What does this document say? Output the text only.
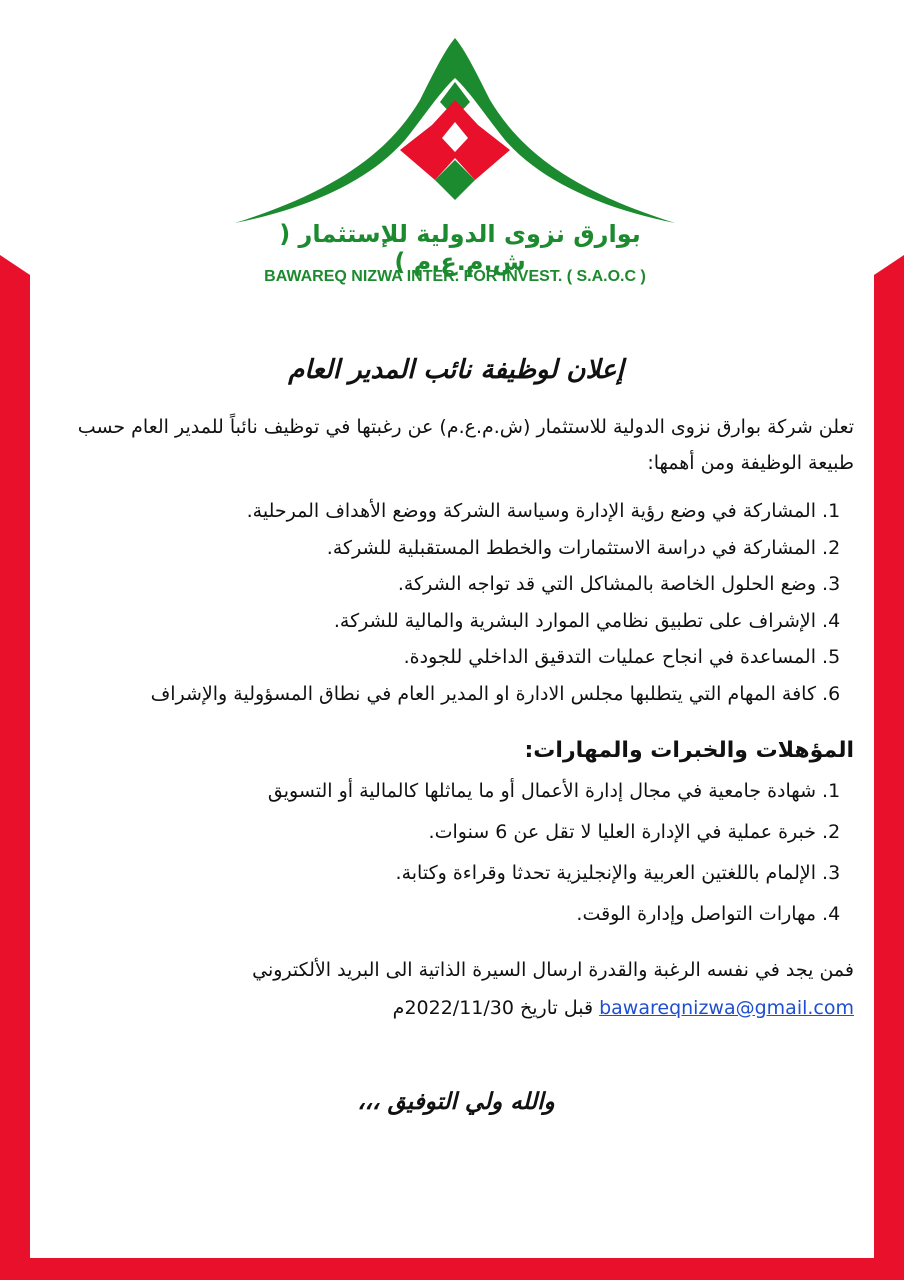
بوارق نزوى الدولية للإستثمار ( ش.م.ع.م )
BAWAREQ NIZWA INTER. FOR INVEST. ( S.A.O.C )
إعلان لوظيفة نائب المدير العام
تعلن شركة بوارق نزوى الدولية للاستثمار (ش.م.ع.م) عن رغبتها في توظيف نائباً للمدير العام حسب طبيعة الوظيفة ومن أهمها:
1. المشاركة في وضع رؤية الإدارة وسياسة الشركة ووضع الأهداف المرحلية.
2. المشاركة في دراسة الاستثمارات والخطط المستقبلية للشركة.
3. وضع الحلول الخاصة بالمشاكل التي قد تواجه الشركة.
4. الإشراف على تطبيق نظامي الموارد البشرية والمالية للشركة.
5. المساعدة في انجاح عمليات التدقيق الداخلي للجودة.
6. كافة المهام التي يتطلبها مجلس الادارة او المدير العام في نطاق المسؤولية والإشراف
المؤهلات والخبرات والمهارات:
1. شهادة جامعية في مجال إدارة الأعمال أو ما يماثلها كالمالية أو التسويق
2. خبرة عملية في الإدارة العليا لا تقل عن 6 سنوات.
3. الإلمام باللغتين العربية والإنجليزية تحدثا وقراءة وكتابة.
4. مهارات التواصل وإدارة الوقت.
فمن يجد في نفسه الرغبة والقدرة ارسال السيرة الذاتية الى البريد الألكتروني
bawareqnizwa@gmail.com قبل تاريخ 2022/11/30م
والله ولي التوفيق ،،،
